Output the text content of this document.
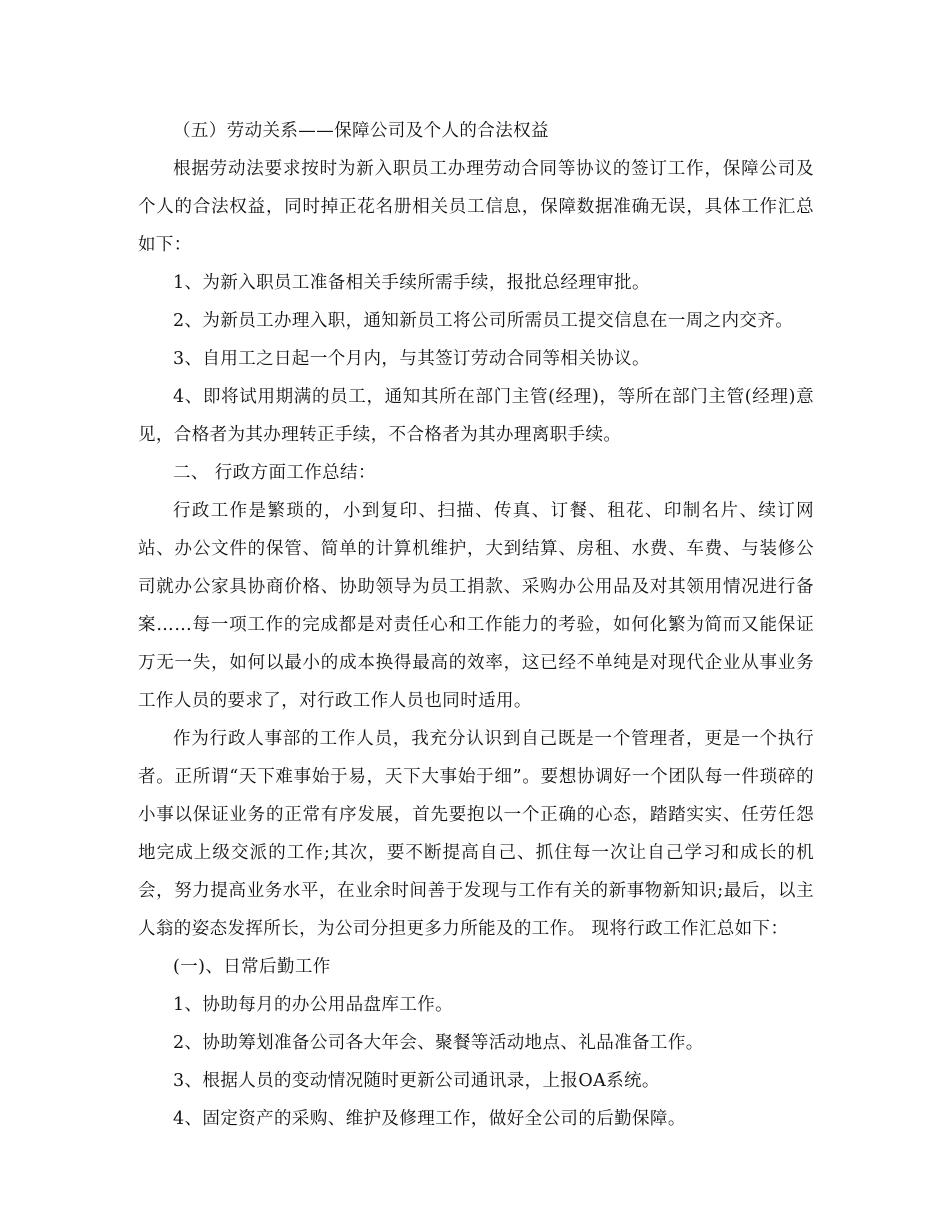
（五）劳动关系——保障公司及个人的合法权益

根据劳动法要求按时为新入职员工办理劳动合同等协议的签订工作，保障公司及个人的合法权益，同时掉正花名册相关员工信息，保障数据准确无误，具体工作汇总如下：

1、为新入职员工准备相关手续所需手续，报批总经理审批。

2、为新员工办理入职，通知新员工将公司所需员工提交信息在一周之内交齐。

3、自用工之日起一个月内，与其签订劳动合同等相关协议。

4、即将试用期满的员工，通知其所在部门主管(经理)，等所在部门主管(经理)意见，合格者为其办理转正手续，不合格者为其办理离职手续。

二、 行政方面工作总结：

行政工作是繁琐的，小到复印、扫描、传真、订餐、租花、印制名片、续订网站、办公文件的保管、简单的计算机维护，大到结算、房租、水费、车费、与装修公司就办公家具协商价格、协助领导为员工捐款、采购办公用品及对其领用情况进行备案……每一项工作的完成都是对责任心和工作能力的考验，如何化繁为简而又能保证万无一失，如何以最小的成本换得最高的效率，这已经不单纯是对现代企业从事业务工作人员的要求了，对行政工作人员也同时适用。

作为行政人事部的工作人员，我充分认识到自己既是一个管理者，更是一个执行者。正所谓“天下难事始于易，天下大事始于细”。要想协调好一个团队每一件琐碎的小事以保证业务的正常有序发展，首先要抱以一个正确的心态，踏踏实实、任劳任怨地完成上级交派的工作;其次，要不断提高自己、抓住每一次让自己学习和成长的机会，努力提高业务水平，在业余时间善于发现与工作有关的新事物新知识;最后，以主人翁的姿态发挥所长，为公司分担更多力所能及的工作。 现将行政工作汇总如下：

(一)、日常后勤工作

1、协助每月的办公用品盘库工作。

2、协助筹划准备公司各大年会、聚餐等活动地点、礼品准备工作。

3、根据人员的变动情况随时更新公司通讯录，上报OA系统。

4、固定资产的采购、维护及修理工作，做好全公司的后勤保障。
